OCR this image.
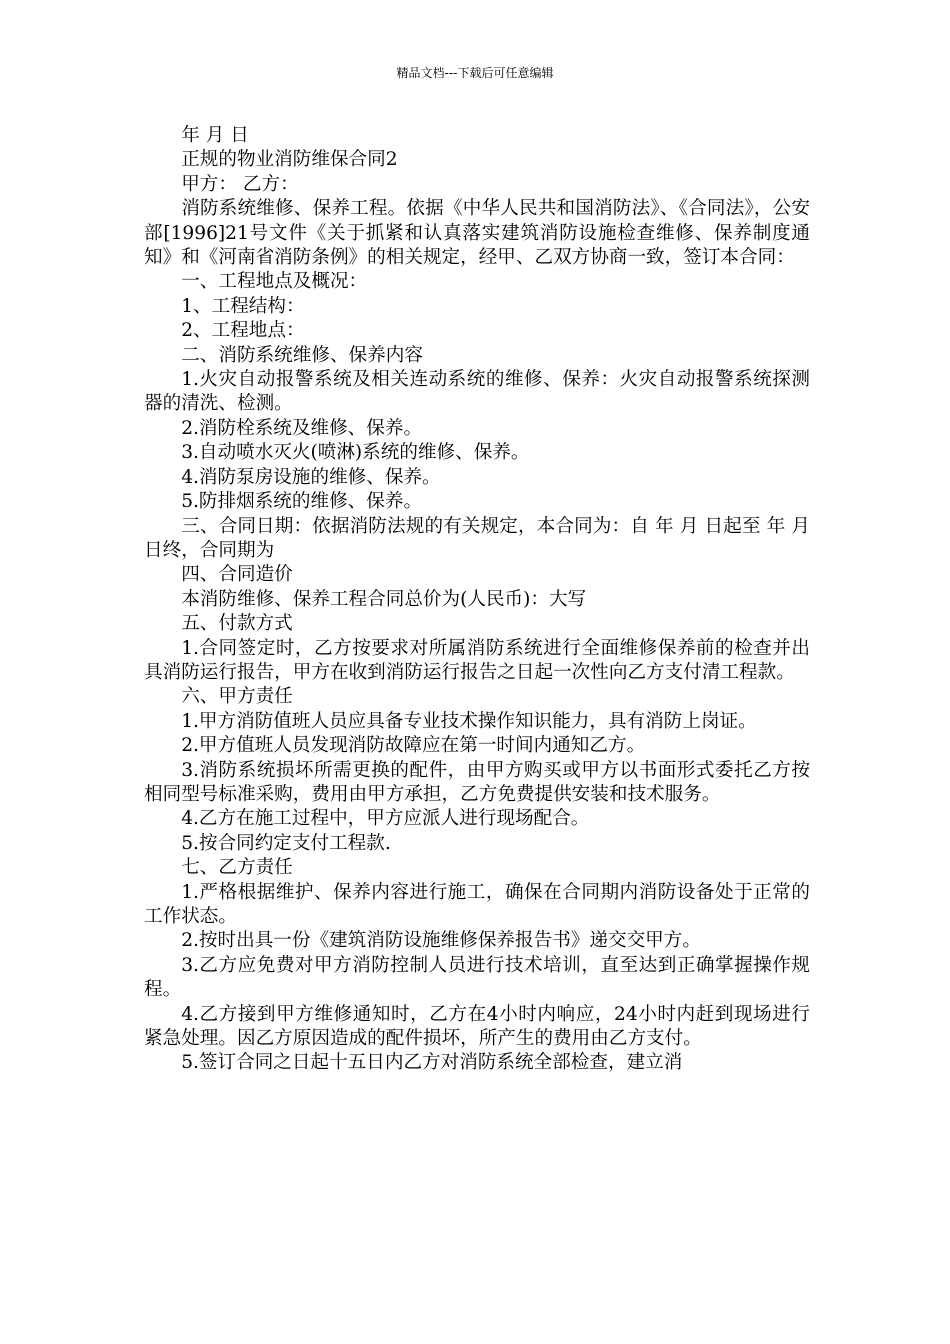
精品文档---下载后可任意编辑

年 月 日

正规的物业消防维保合同2

甲方： 乙方：

消防系统维修、保养工程。依据《中华人民共和国消防法》、《合同法》，公安部[1996]21号文件《关于抓紧和认真落实建筑消防设施检查维修、保养制度通知》和《河南省消防条例》的相关规定，经甲、乙双方协商一致，签订本合同：

一、工程地点及概况：

1、工程结构：

2、工程地点：

二、消防系统维修、保养内容

1.火灾自动报警系统及相关连动系统的维修、保养：火灾自动报警系统探测器的清洗、检测。

2.消防栓系统及维修、保养。

3.自动喷水灭火(喷淋)系统的维修、保养。

4.消防泵房设施的维修、保养。

5.防排烟系统的维修、保养。

三、合同日期：依据消防法规的有关规定，本合同为：自 年 月 日起至 年 月 日终，合同期为

四、合同造价

本消防维修、保养工程合同总价为(人民币)：大写

五、付款方式

1.合同签定时，乙方按要求对所属消防系统进行全面维修保养前的检查并出具消防运行报告，甲方在收到消防运行报告之日起一次性向乙方支付清工程款。

六、甲方责任

1.甲方消防值班人员应具备专业技术操作知识能力，具有消防上岗证。

2.甲方值班人员发现消防故障应在第一时间内通知乙方。

3.消防系统损坏所需更换的配件，由甲方购买或甲方以书面形式委托乙方按相同型号标准采购，费用由甲方承担，乙方免费提供安装和技术服务。

4.乙方在施工过程中，甲方应派人进行现场配合。

5.按合同约定支付工程款.

七、乙方责任

1.严格根据维护、保养内容进行施工，确保在合同期内消防设备处于正常的工作状态。

2.按时出具一份《建筑消防设施维修保养报告书》递交交甲方。

3.乙方应免费对甲方消防控制人员进行技术培训，直至达到正确掌握操作规程。

4.乙方接到甲方维修通知时，乙方在4小时内响应，24小时内赶到现场进行紧急处理。因乙方原因造成的配件损坏，所产生的费用由乙方支付。

5.签订合同之日起十五日内乙方对消防系统全部检查，建立消
